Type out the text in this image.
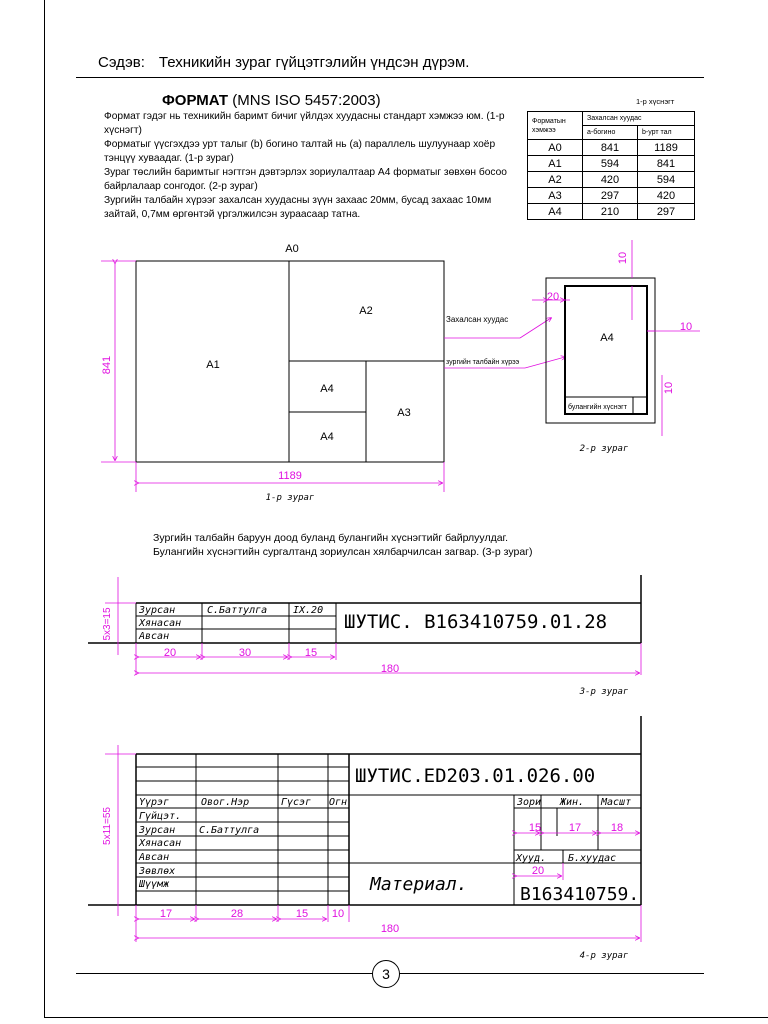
Сэдэв: Техникийн зураг гүйцэтгэлийн үндсэн дүрэм.
ФОРМАТ (MNS ISO 5457:2003)

Формат гэдэг нь техникийн баримт бичиг үйлдэх хуудасны стандарт хэмжээ юм. (1-р хүснэгт)

Форматыг үүсгэхдээ урт талыг (b) богино талтай нь (a) параллель шулуунаар хоёр тэнцүү хуваадаг. (1-р зураг)

Зураг төслийн баримтыг нэгтгэн дэвтэрлэх зориулалтаар А4 форматыг зөвхөн босоо байрлалаар сонгодог. (2-р зураг)

Зургийн талбайн хүрээг захалсан хуудасны зүүн захаас 20мм, бусад захаас 10мм зайтай, 0,7мм өргөнтэй үргэлжилсэн зураасаар татна.

1-р хүснэгт
Форматын хэмжээ	Захалсан хуудас	
	a-богино	b-урт тал
A0	841	1189
A1	594	841
A2	420	594
A3	297	420
A4	210	297
A0
A1
A2
A3
A4
A4
841
1189
1-р зураг
Захалсан хуудас
зургийн талбайн хүрээ
A4
20
10
10
10
булангийн хүснэгт
2-р зураг

Зургийн талбайн баруун доод буланд булангийн хүснэгтийг байрлуулдаг.

Булангийн хүснэгтийн сургалтанд зориулсан хялбарчилсан загвар. (3-р зураг)

Зурсан	С.Баттулга	IX.20
Хянасан
Авсан
ШУТИС. В163410759.01.28
5x3=15
20	30	15
180
3-р зураг
Үүрэг	Овог.Нэр	Гүсэг Огн
Гүйцэт.
Зурсан С.Баттулга
Хянасан
Авсан
Зөвлөх
Шүүмж
ШУТИС.ED203.01.026.00
Зори Жин. Масшт
15	17	18
Хууд. Б.хуудас
20
Материал.	В163410759.
5x11=55
17	28	15 10
180
4-р зураг
3
